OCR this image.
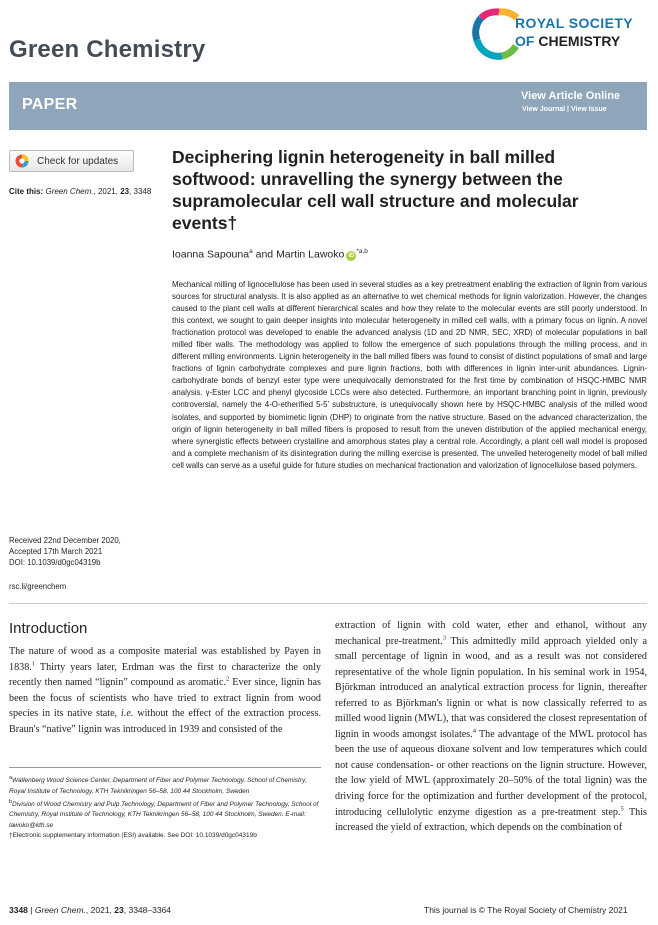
Green Chemistry
ROYAL SOCIETY
OF CHEMISTRY
PAPER	View Article Online
View Journal | View Issue
Check for updates
Cite this: Green Chem., 2021, 23, 3348
Deciphering lignin heterogeneity in ball milled softwood: unravelling the synergy between the supramolecular cell wall structure and molecular events†
Ioanna Sapouna$^a$ and Martin Lawoko iD$^{*a,b}$
Mechanical milling of lignocellulose has been used in several studies as a key pretreatment enabling the extraction of lignin from various sources for structural analysis. It is also applied as an alternative to wet chemical methods for lignin valorization. However, the changes caused to the plant cell walls at different hierarchical scales and how they relate to the molecular events are still poorly understood. In this context, we sought to gain deeper insights into molecular heterogeneity in milled cell walls, with a primary focus on lignin. A novel fractionation protocol was developed to enable the advanced analysis (1D and 2D NMR, SEC, XRD) of molecular populations in ball milled fiber walls. The methodology was applied to follow the emergence of such populations through the milling process, and in different milling environments. Lignin heterogeneity in the ball milled fibers was found to consist of distinct populations of small and large fractions of lignin carbohydrate complexes and pure lignin fractions, both with differences in lignin inter-unit abundances. Lignin-carbohydrate bonds of benzyl ester type were unequivocally demonstrated for the first time by combination of HSQC-HMBC NMR analysis. γ-Ester LCC and phenyl glycoside LCCs were also detected. Furthermore, an important branching point in lignin, previously controversial, namely the 4-O-etherified 5-5′ substructure, is unequivocally shown here by HSQC-HMBC analysis of the milled wood isolates, and supported by biomimetic lignin (DHP) to originate from the native structure. Based on the advanced characterization, the origin of lignin heterogeneity in ball milled fibers is proposed to result from the uneven distribution of the applied mechanical energy, where synergistic effects between crystalline and amorphous states play a central role. Accordingly, a plant cell wall model is proposed and a complete mechanism of its disintegration during the milling exercise is presented. The unveiled heterogeneity model of ball milled cell walls can serve as a useful guide for future studies on mechanical fractionation and valorization of lignocellulose based polymers.
Received 22nd December 2020,
Accepted 17th March 2021
DOI: 10.1039/d0gc04319b
rsc.li/greenchem
Introduction
The nature of wood as a composite material was established by Payen in 1838.$^1$ Thirty years later, Erdman was the first to characterize the only recently then named “lignin” compound as aromatic.$^2$ Ever since, lignin has been the focus of scientists who have tried to extract lignin from wood species in its native state, i.e. without the effect of the extraction process. Braun's “native” lignin was introduced in 1939 and consisted of the
extraction of lignin with cold water, ether and ethanol, without any mechanical pre-treatment.$^3$ This admittedly mild approach yielded only a small percentage of lignin in wood, and as a result was not considered representative of the whole lignin population. In his seminal work in 1954, Björkman introduced an analytical extraction process for lignin, thereafter referred to as Björkman's lignin or what is now classically referred to as milled wood lignin (MWL), that was considered the closest representation of lignin in woods amongst isolates.$^4$ The advantage of the MWL protocol has been the use of aqueous dioxane solvent and low temperatures which could not cause condensation- or other reactions on the lignin structure. However, the low yield of MWL (approximately 20–50% of the total lignin) was the driving force for the optimization and further development of the protocol, introducing cellulolytic enzyme digestion as a pre-treatment step.$^5$ This increased the yield of extraction, which depends on the combination of

$^a$Wallenberg Wood Science Center, Department of Fiber and Polymer Technology, School of Chemistry, Royal Institute of Technology, KTH Teknikringen 56–58, 100 44 Stockholm, Sweden

$^b$Division of Wood Chemistry and Pulp Technology, Department of Fiber and Polymer Technology, School of Chemistry, Royal Institute of Technology, KTH Teknikringen 56–58, 100 44 Stockholm, Sweden. E-mail: lawoko@kth.se

†Electronic supplementary information (ESI) available. See DOI: 10.1039/d0gc04319b

3348 | Green Chem., 2021, 23, 3348–3364	This journal is © The Royal Society of Chemistry 2021
